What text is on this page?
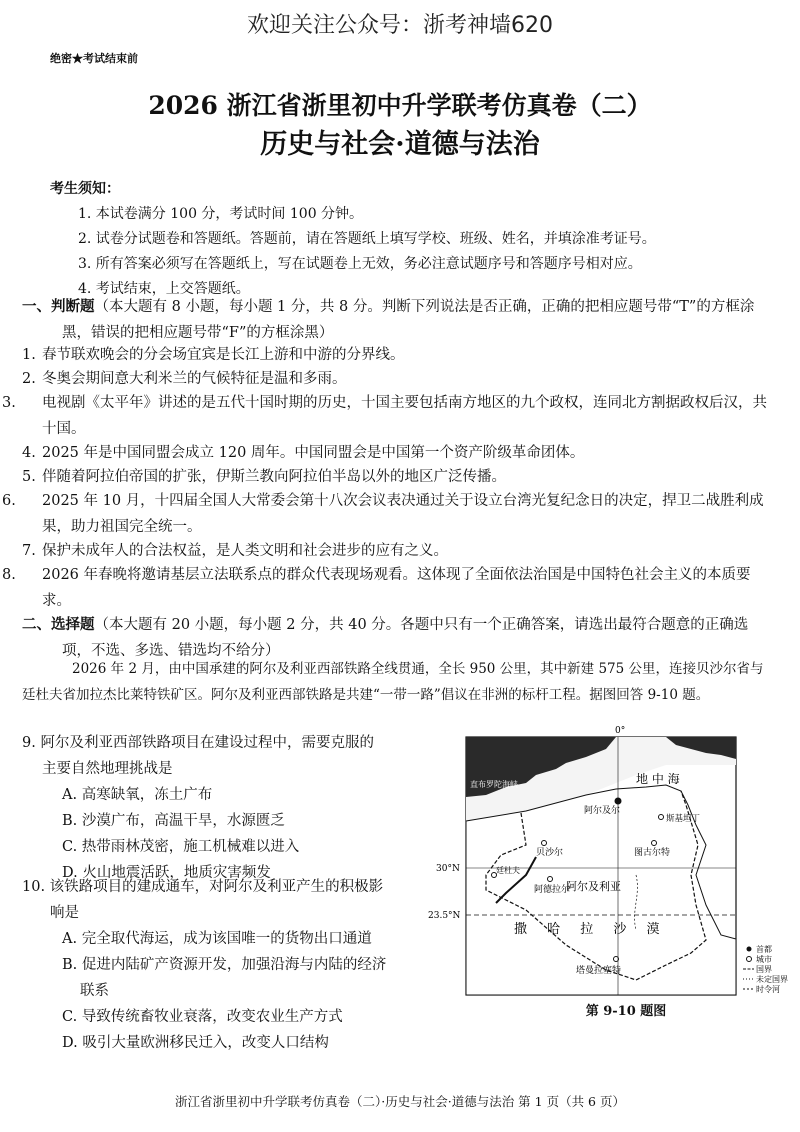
欢迎关注公众号：浙考神墙620
绝密★考试结束前
2026 浙江省浙里初中升学联考仿真卷（二）
历史与社会·道德与法治
考生须知：
1. 本试卷满分 100 分，考试时间 100 分钟。
2. 试卷分试题卷和答题纸。答题前，请在答题纸上填写学校、班级、姓名，并填涂准考证号。
3. 所有答案必须写在答题纸上，写在试题卷上无效，务必注意试题序号和答题序号相对应。
4. 考试结束，上交答题纸。
一、判断题（本大题有 8 小题，每小题 1 分，共 8 分。判断下列说法是否正确，正确的把相应题号带“T”的方框涂黑，错误的把相应题号带“F”的方框涂黑）
1. 春节联欢晚会的分会场宜宾是长江上游和中游的分界线。
2. 冬奥会期间意大利米兰的气候特征是温和多雨。
3. 电视剧《太平年》讲述的是五代十国时期的历史，十国主要包括南方地区的九个政权，连同北方割据政权后汉，共十国。
4. 2025 年是中国同盟会成立 120 周年。中国同盟会是中国第一个资产阶级革命团体。
5. 伴随着阿拉伯帝国的扩张，伊斯兰教向阿拉伯半岛以外的地区广泛传播。
6. 2025 年 10 月，十四届全国人大常委会第十八次会议表决通过关于设立台湾光复纪念日的决定，捍卫二战胜利成果，助力祖国完全统一。
7. 保护未成年人的合法权益，是人类文明和社会进步的应有之义。
8. 2026 年春晚将邀请基层立法联系点的群众代表现场观看。这体现了全面依法治国是中国特色社会主义的本质要求。
二、选择题（本大题有 20 小题，每小题 2 分，共 40 分。各题中只有一个正确答案，请选出最符合题意的正确选项，不选、多选、错选均不给分）
2026 年 2 月，由中国承建的阿尔及利亚西部铁路全线贯通，全长 950 公里，其中新建 575 公里，连接贝沙尔省与廷杜夫省加拉杰比莱特铁矿区。阿尔及利亚西部铁路是共建“一带一路”倡议在非洲的标杆工程。据图回答 9-10 题。
9. 阿尔及利亚西部铁路项目在建设过程中，需要克服的
主要自然地理挑战是
A. 高寒缺氧，冻土广布
B. 沙漠广布，高温干旱，水源匮乏
C. 热带雨林茂密，施工机械难以进入
D. 火山地震活跃，地质灾害频发
10. 该铁路项目的建成通车，对阿尔及利亚产生的积极影
响是
A. 完全取代海运，成为该国唯一的货物出口通道
B. 促进内陆矿产资源开发，加强沿海与内陆的经济
联系
C. 导致传统畜牧业衰落，改变农业生产方式
D. 吸引大量欧洲移民迁入，改变人口结构
0°
直布罗陀海峡	地 中 海
阿尔及尔
斯基坦丁
图古尔特
贝沙尔
廷杜夫
阿德拉尔
阿尔及利亚
30°N
23.5°N
撒 哈 拉 沙 漠
塔曼拉塞特
首都
城市
国界
未定国界
时令河
第 9-10 题图
浙江省浙里初中升学联考仿真卷（二）·历史与社会·道德与法治 第 1 页（共 6 页）
